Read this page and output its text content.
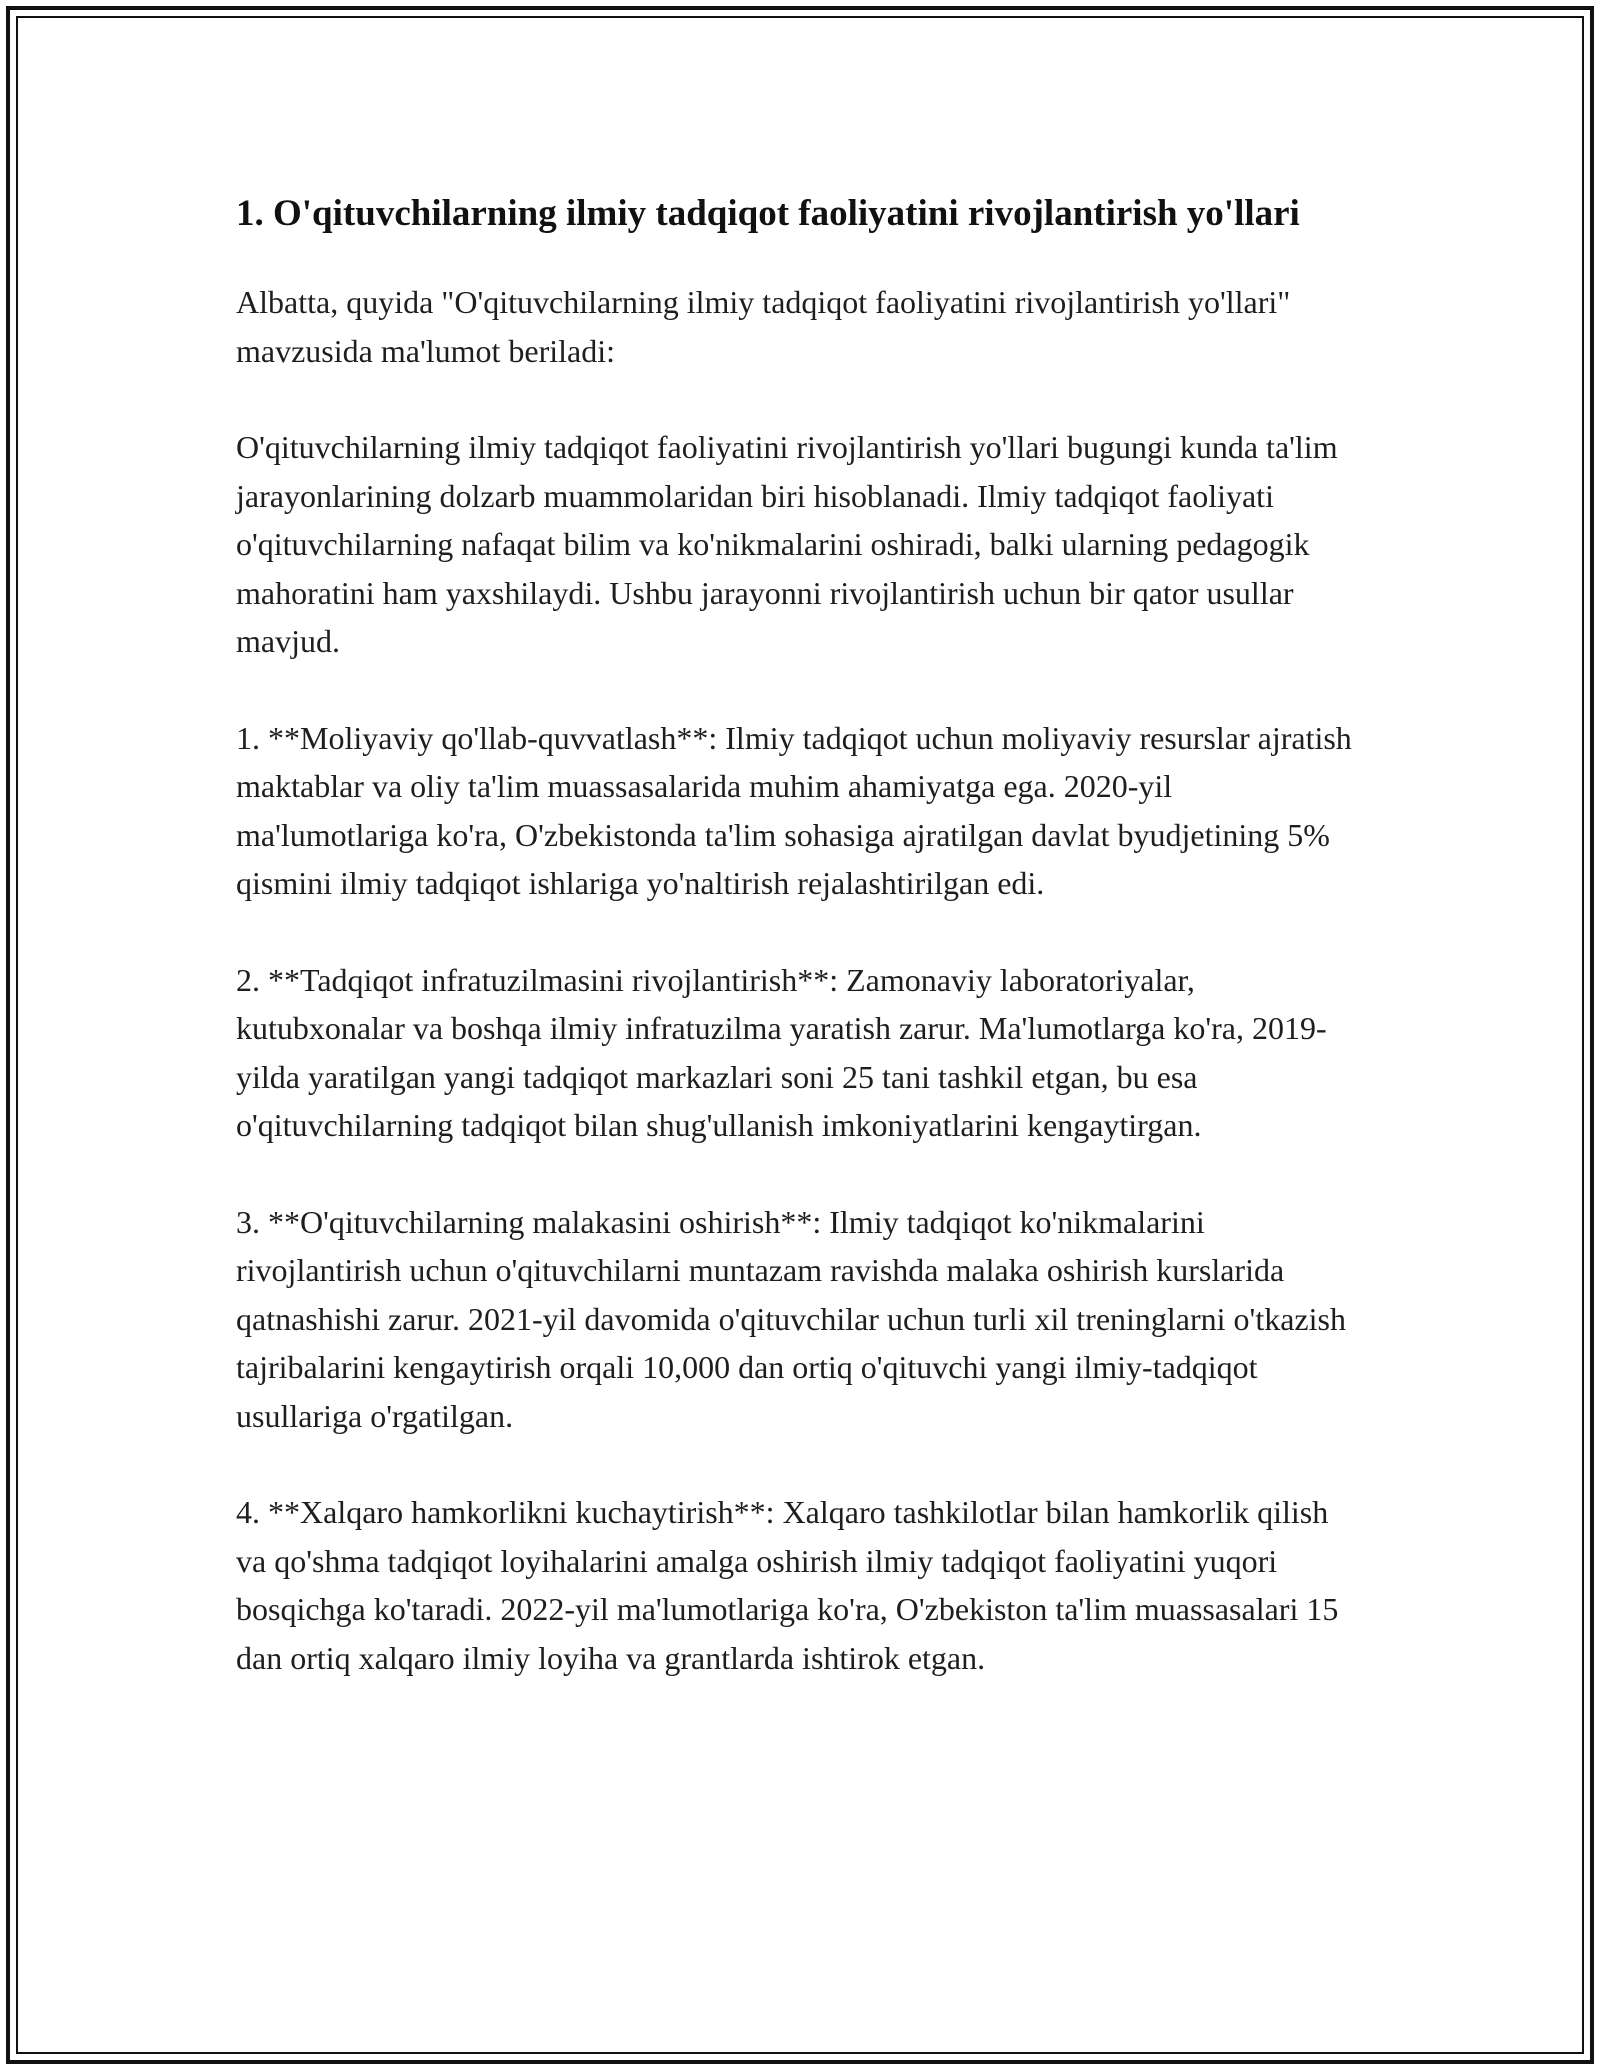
1. O'qituvchilarning ilmiy tadqiqot faoliyatini rivojlantirish yo'llari

Albatta, quyida "O'qituvchilarning ilmiy tadqiqot faoliyatini rivojlantirish yo'llari" mavzusida ma'lumot beriladi:

O'qituvchilarning ilmiy tadqiqot faoliyatini rivojlantirish yo'llari bugungi kunda ta'lim jarayonlarining dolzarb muammolaridan biri hisoblanadi. Ilmiy tadqiqot faoliyati o'qituvchilarning nafaqat bilim va ko'nikmalarini oshiradi, balki ularning pedagogik mahoratini ham yaxshilaydi. Ushbu jarayonni rivojlantirish uchun bir qator usullar mavjud.

1. **Moliyaviy qo'llab-quvvatlash**: Ilmiy tadqiqot uchun moliyaviy resurslar ajratish maktablar va oliy ta'lim muassasalarida muhim ahamiyatga ega. 2020-yil ma'lumotlariga ko'ra, O'zbekistonda ta'lim sohasiga ajratilgan davlat byudjetining 5% qismini ilmiy tadqiqot ishlariga yo'naltirish rejalashtirilgan edi.

2. **Tadqiqot infratuzilmasini rivojlantirish**: Zamonaviy laboratoriyalar, kutubxonalar va boshqa ilmiy infratuzilma yaratish zarur. Ma'lumotlarga ko'ra, 2019-yilda yaratilgan yangi tadqiqot markazlari soni 25 tani tashkil etgan, bu esa o'qituvchilarning tadqiqot bilan shug'ullanish imkoniyatlarini kengaytirgan.

3. **O'qituvchilarning malakasini oshirish**: Ilmiy tadqiqot ko'nikmalarini rivojlantirish uchun o'qituvchilarni muntazam ravishda malaka oshirish kurslarida qatnashishi zarur. 2021-yil davomida o'qituvchilar uchun turli xil treninglarni o'tkazish tajribalarini kengaytirish orqali 10,000 dan ortiq o'qituvchi yangi ilmiy-tadqiqot usullariga o'rgatilgan.

4. **Xalqaro hamkorlikni kuchaytirish**: Xalqaro tashkilotlar bilan hamkorlik qilish va qo'shma tadqiqot loyihalarini amalga oshirish ilmiy tadqiqot faoliyatini yuqori bosqichga ko'taradi. 2022-yil ma'lumotlariga ko'ra, O'zbekiston ta'lim muassasalari 15 dan ortiq xalqaro ilmiy loyiha va grantlarda ishtirok etgan.
